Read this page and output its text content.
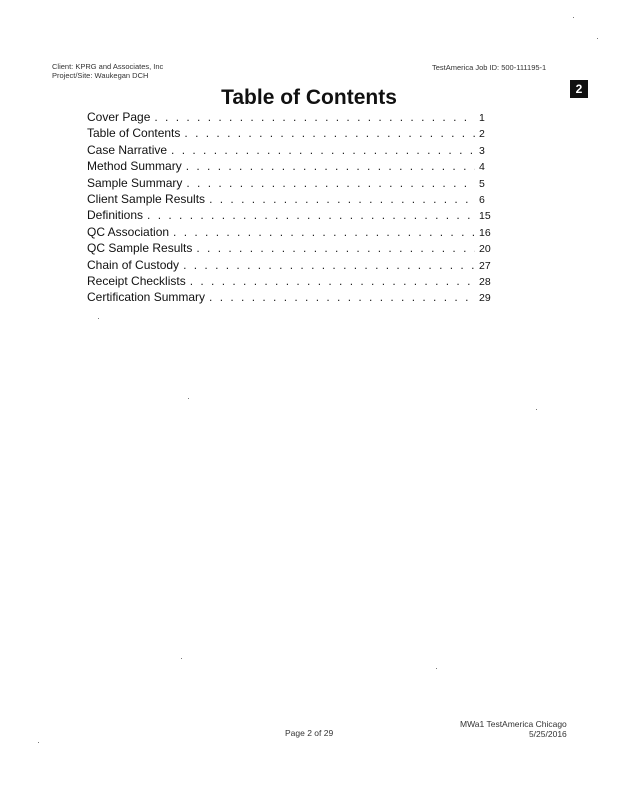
Client: KPRG and Associates, Inc
Project/Site: Waukegan DCH
TestAmerica Job ID: 500-111195-1
2
Table of Contents
Cover Page . . .	1
Table of Contents . . .	2
Case Narrative . . .	3
Method Summary . . .	4
Sample Summary . . .	5
Client Sample Results . . .	6
Definitions . . .	15
QC Association . . .	16
QC Sample Results . . .	20
Chain of Custody . . .	27
Receipt Checklists . . .	28
Certification Summary . . .	29
Page 2 of 29
MWa1 TestAmerica Chicago
5/25/2016
